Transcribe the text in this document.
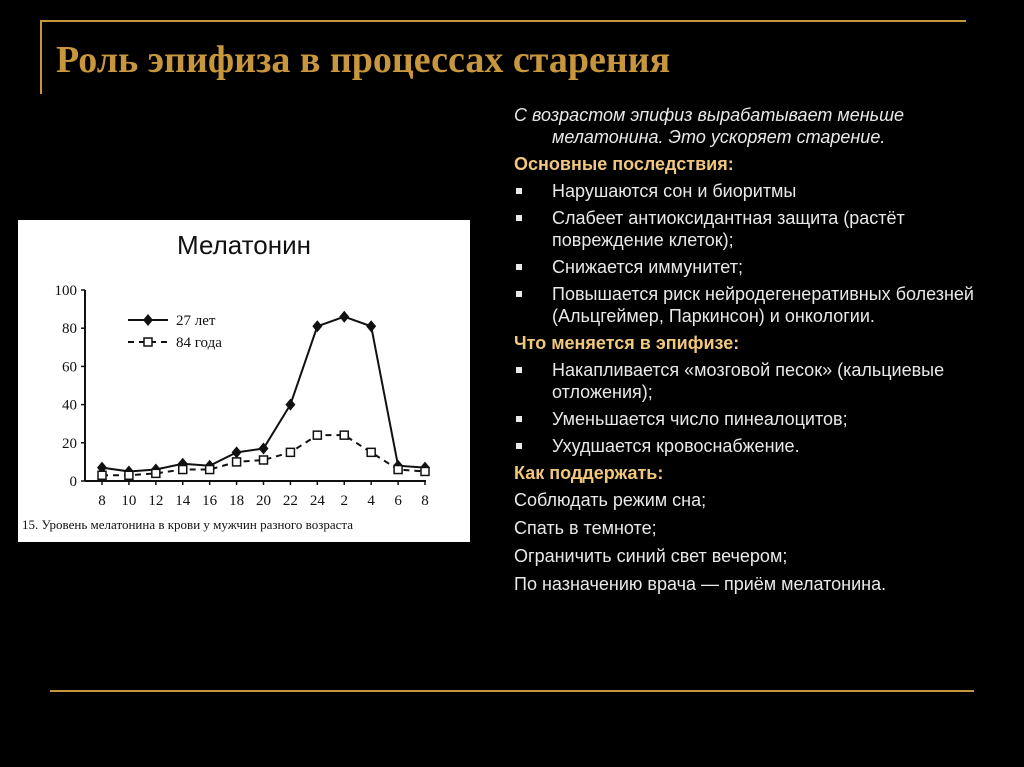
Роль эпифиза в процессах старения
Мелатонин
0
20
40
60
80
100
8 10 12 14 16 18 20 22 24 2 4 6 8
27 лет
84 года
15. Уровень мелатонина в крови у мужчин разного возраста
С возрастом эпифиз вырабатывает меньше мелатонина. Это ускоряет старение.
Основные последствия:
Нарушаются сон и биоритмы
Слабеет антиоксидантная защита (растёт повреждение клеток);
Снижается иммунитет;
Повышается риск нейродегенеративных болезней (Альцгеймер, Паркинсон) и онкологии.
Что меняется в эпифизе:
Накапливается «мозговой песок» (кальциевые отложения);
Уменьшается число пинеалоцитов;
Ухудшается кровоснабжение.
Как поддержать:
Соблюдать режим сна;
Спать в темноте;
Ограничить синий свет вечером;
По назначению врача — приём мелатонина.
